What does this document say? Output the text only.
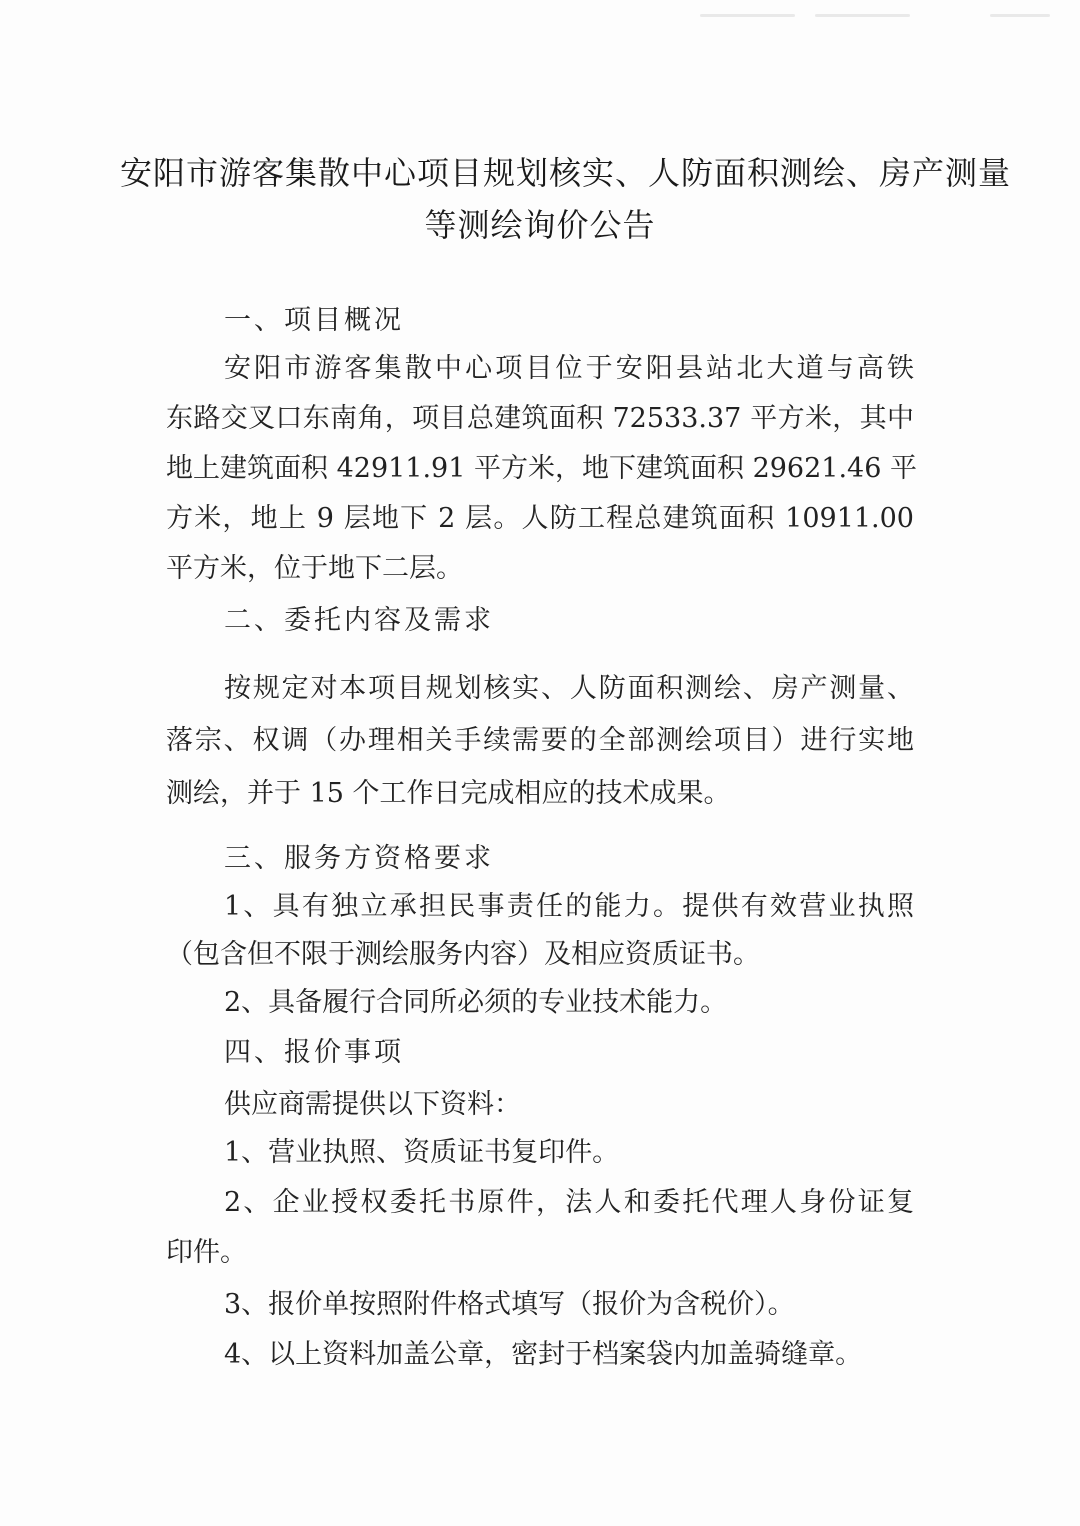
安阳市游客集散中心项目规划核实、人防面积测绘、房产测量
等测绘询价公告
一、项目概况
安阳市游客集散中心项目位于安阳县站北大道与高铁
东路交叉口东南角，项目总建筑面积 72533.37 平方米，其中
地上建筑面积 42911.91 平方米，地下建筑面积 29621.46 平
方米，地上 9 层地下 2 层。人防工程总建筑面积 10911.00
平方米，位于地下二层。
二、委托内容及需求
按规定对本项目规划核实、人防面积测绘、房产测量、
落宗、权调（办理相关手续需要的全部测绘项目）进行实地
测绘，并于 15 个工作日完成相应的技术成果。
三、服务方资格要求
1、具有独立承担民事责任的能力。提供有效营业执照
（包含但不限于测绘服务内容）及相应资质证书。
2、具备履行合同所必须的专业技术能力。
四、报价事项
供应商需提供以下资料：
1、营业执照、资质证书复印件。
2、企业授权委托书原件，法人和委托代理人身份证复
印件。
3、报价单按照附件格式填写（报价为含税价）。
4、以上资料加盖公章，密封于档案袋内加盖骑缝章。
